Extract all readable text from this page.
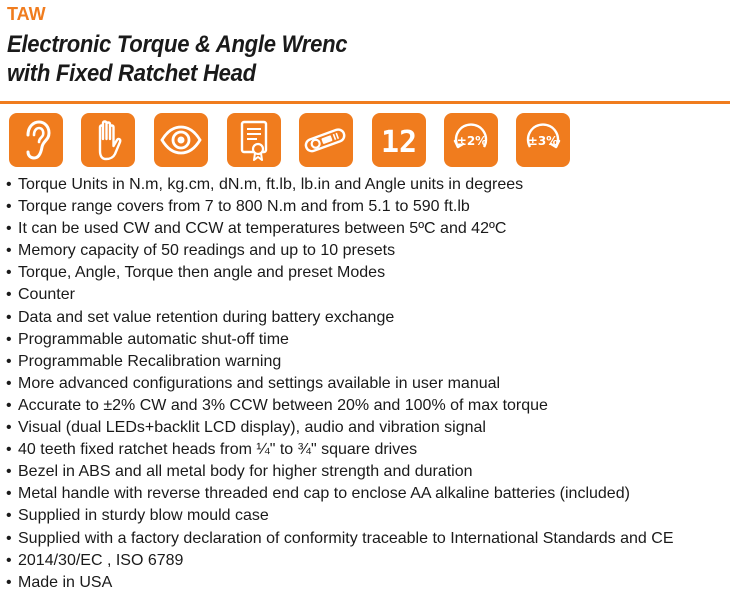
TAW
Electronic Torque & Angle Wrenc
with Fixed Ratchet Head
12	±2%	±3%
• Torque Units in N.m, kg.cm, dN.m, ft.lb, lb.in and Angle units in degrees
• Torque range covers from 7 to 800 N.m and from 5.1 to 590 ft.lb
• It can be used CW and CCW at temperatures between 5ºC and 42ºC
• Memory capacity of 50 readings and up to 10 presets
• Torque, Angle, Torque then angle and preset Modes
• Counter
• Data and set value retention during battery exchange
• Programmable automatic shut-off time
• Programmable Recalibration warning
• More advanced configurations and settings available in user manual
• Accurate to ±2% CW and 3% CCW between 20% and 100% of max torque
• Visual (dual LEDs+backlit LCD display), audio and vibration signal
• 40 teeth fixed ratchet heads from ¼" to ¾" square drives
• Bezel in ABS and all metal body for higher strength and duration
• Metal handle with reverse threaded end cap to enclose AA alkaline batteries (included)
• Supplied in sturdy blow mould case
• Supplied with a factory declaration of conformity traceable to International Standards and CE
• 2014/30/EC , ISO 6789
• Made in USA
